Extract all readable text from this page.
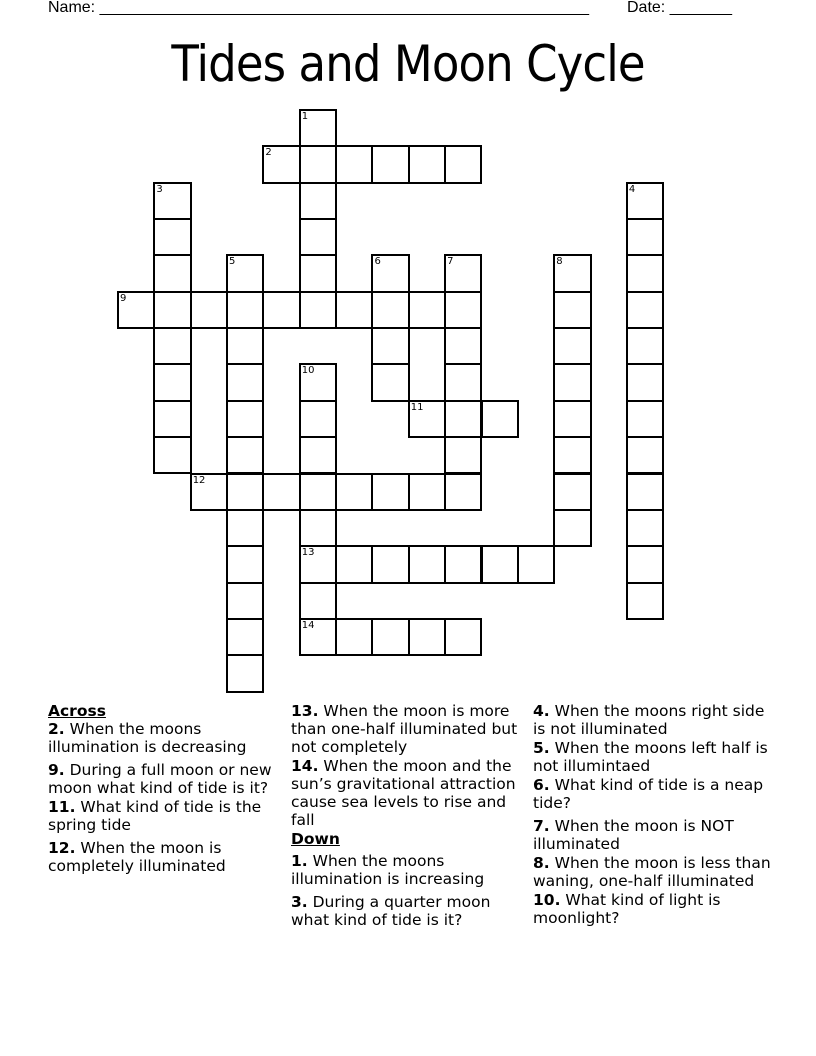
Name: _______________________________________________________ Date: _______
Tides and Moon Cycle
1
2
3	4
5	6	7	8
9
10
13
14
11
12
Across
2. When the moons illumination is decreasing
9. During a full moon or new moon what kind of tide is it?
11. What kind of tide is the spring tide
12. When the moon is completely illuminated
13. When the moon is more than one-half illuminated but not completely
14. When the moon and the sun’s gravitational attraction cause sea levels to rise and fall
Down
1. When the moons illumination is increasing
3. During a quarter moon what kind of tide is it?
4. When the moons right side is not illuminated
5. When the moons left half is not illumintaed
6. What kind of tide is a neap tide?
7. When the moon is NOT illuminated
8. When the moon is less than waning, one-half illuminated
10. What kind of light is moonlight?
